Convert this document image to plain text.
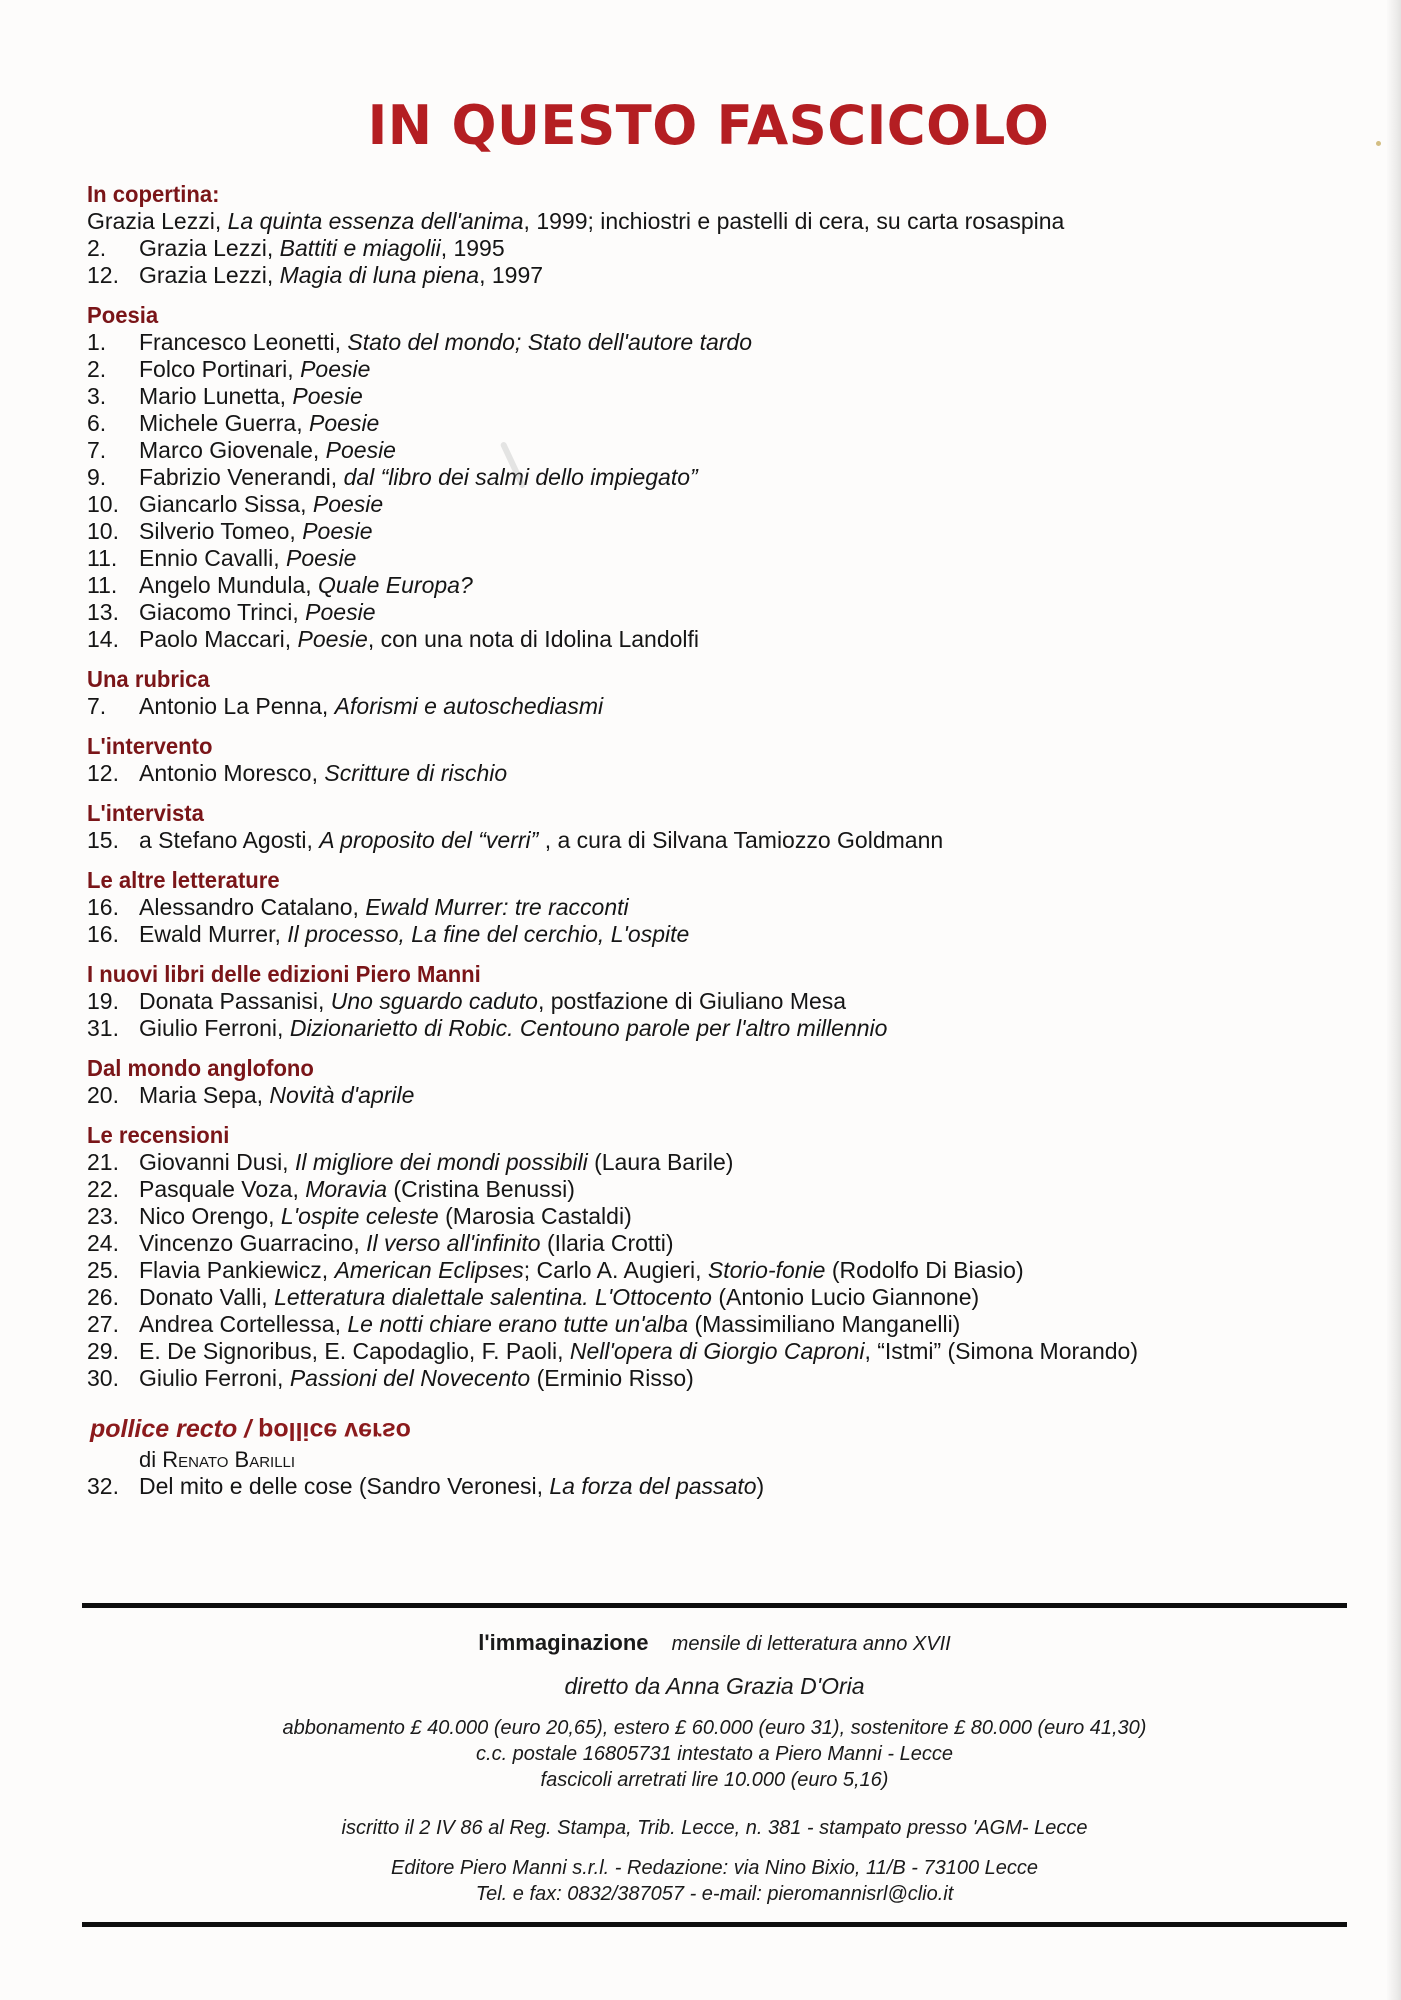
IN QUESTO FASCICOLO
In copertina:
Grazia Lezzi, La quinta essenza dell'anima, 1999; inchiostri e pastelli di cera, su carta rosaspina
2.	Grazia Lezzi, Battiti e miagolii, 1995
12. Grazia Lezzi, Magia di luna piena, 1997
Poesia
1.	Francesco Leonetti, Stato del mondo; Stato dell'autore tardo
2.	Folco Portinari, Poesie
3.	Mario Lunetta, Poesie
6.	Michele Guerra, Poesie
7.	Marco Giovenale, Poesie
9.	Fabrizio Venerandi, dal “libro dei salmi dello impiegato”
10. Giancarlo Sissa, Poesie
10. Silverio Tomeo, Poesie
11. Ennio Cavalli, Poesie
11. Angelo Mundula, Quale Europa?
13. Giacomo Trinci, Poesie
14. Paolo Maccari, Poesie, con una nota di Idolina Landolfi
Una rubrica
7.	Antonio La Penna, Aforismi e autoschediasmi
L'intervento
12. Antonio Moresco, Scritture di rischio
L'intervista
15. a Stefano Agosti, A proposito del “verri” , a cura di Silvana Tamiozzo Goldmann
Le altre letterature
16. Alessandro Catalano, Ewald Murrer: tre racconti
16. Ewald Murrer, Il processo, La fine del cerchio, L'ospite
I nuovi libri delle edizioni Piero Manni
19. Donata Passanisi, Uno sguardo caduto, postfazione di Giuliano Mesa
31. Giulio Ferroni, Dizionarietto di Robic. Centouno parole per l'altro millennio
Dal mondo anglofono
20. Maria Sepa, Novità d'aprile
Le recensioni
21. Giovanni Dusi, Il migliore dei mondi possibili (Laura Barile)
22. Pasquale Voza, Moravia (Cristina Benussi)
23. Nico Orengo, L'ospite celeste (Marosia Castaldi)
24. Vincenzo Guarracino, Il verso all'infinito (Ilaria Crotti)
25. Flavia Pankiewicz, American Eclipses; Carlo A. Augieri, Storio-fonie (Rodolfo Di Biasio)
26. Donato Valli, Letteratura dialettale salentina. L'Ottocento (Antonio Lucio Giannone)
27. Andrea Cortellessa, Le notti chiare erano tutte un'alba (Massimiliano Manganelli)
29. E. De Signoribus, E. Capodaglio, F. Paoli, Nell'opera di Giorgio Caproni, “Istmi” (Simona Morando)
30. Giulio Ferroni, Passioni del Novecento (Erminio Risso)
pollice recto / pollice verso
di Renato Barilli
32. Del mito e delle cose (Sandro Veronesi, La forza del passato)
l'immaginazione mensile di letteratura anno XVII
diretto da Anna Grazia D'Oria
abbonamento £ 40.000 (euro 20,65), estero £ 60.000 (euro 31), sostenitore £ 80.000 (euro 41,30)
c.c. postale 16805731 intestato a Piero Manni - Lecce
fascicoli arretrati lire 10.000 (euro 5,16)
iscritto il 2 IV 86 al Reg. Stampa, Trib. Lecce, n. 381 - stampato presso 'AGM- Lecce
Editore Piero Manni s.r.l. - Redazione: via Nino Bixio, 11/B - 73100 Lecce
Tel. e fax: 0832/387057 - e-mail: pieromannisrl@clio.it
